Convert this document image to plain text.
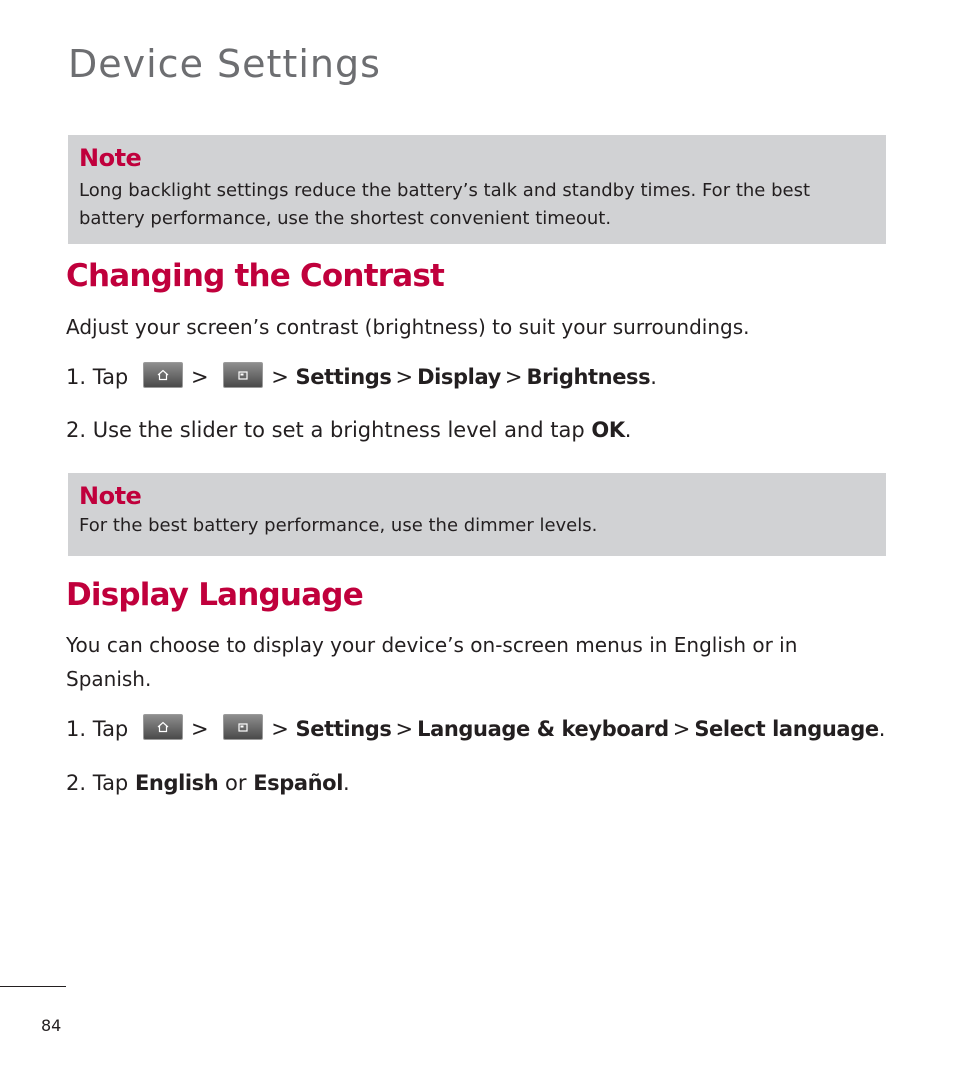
Device Settings

Note

Long backlight settings reduce the battery’s talk and standby times. For the best battery performance, use the shortest convenient timeout.

Changing the Contrast

Adjust your screen’s contrast (brightness) to suit your surroundings.

1. Tap	>	> Settings > Display > Brightness.

2. Use the slider to set a brightness level and tap OK.

Note

For the best battery performance, use the dimmer levels.

Display Language

You can choose to display your device’s on-screen menus in English or in Spanish.

1. Tap	>	> Settings > Language & keyboard > Select language.

2. Tap English or Español.

84
